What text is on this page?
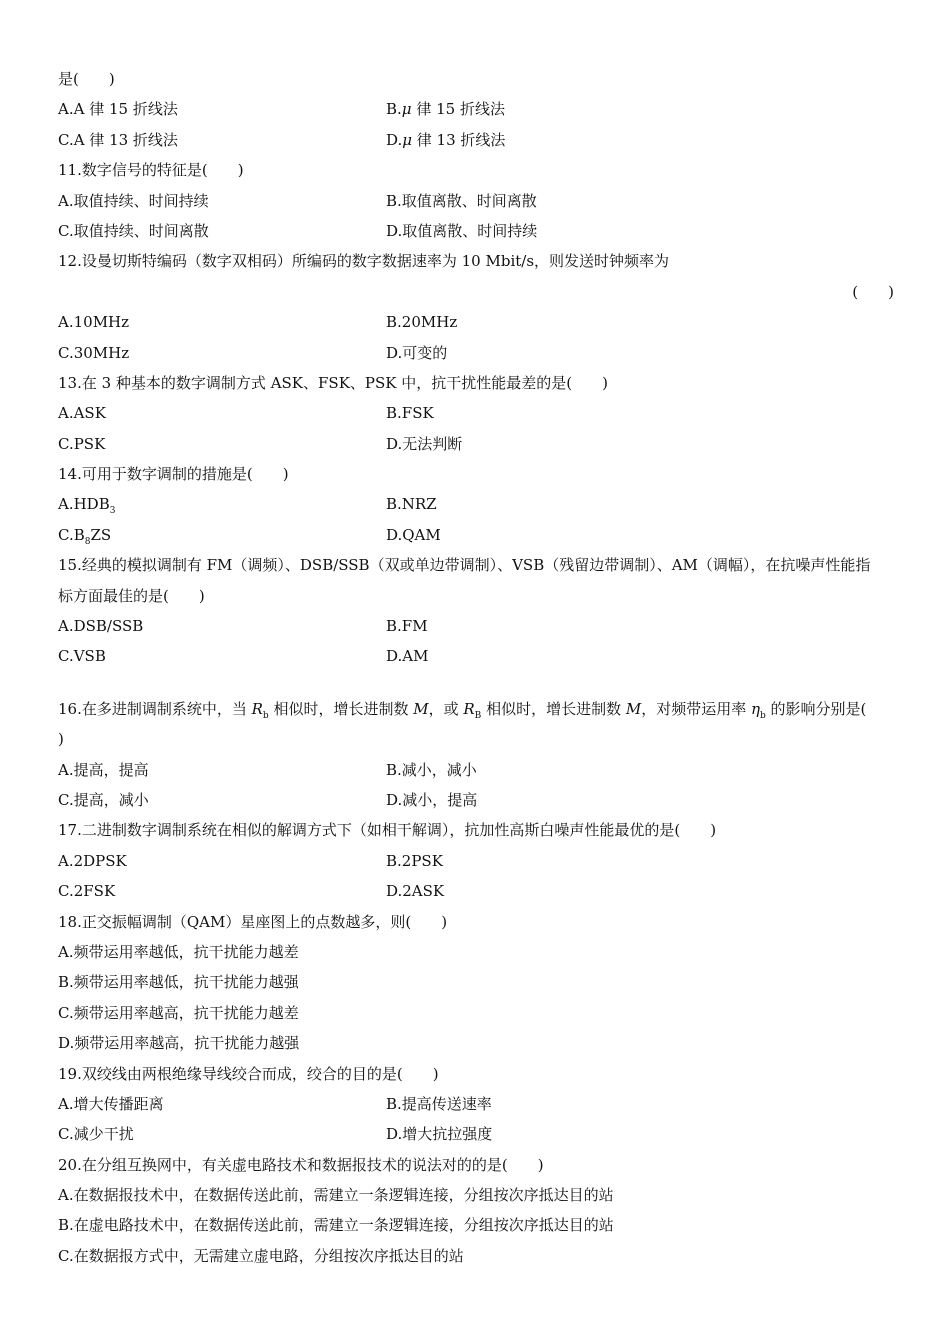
是(　　)
A.A 律 15 折线法	B.μ 律 15 折线法
C.A 律 13 折线法	D.μ 律 13 折线法
11.数字信号的特征是(　　)
A.取值持续、时间持续	B.取值离散、时间离散
C.取值持续、时间离散	D.取值离散、时间持续
12.设曼切斯特编码（数字双相码）所编码的数字数据速率为 10 Mbit/s，则发送时钟频率为
(　　)
A.10MHz	B.20MHz
C.30MHz	D.可变的
13.在 3 种基本的数字调制方式 ASK、FSK、PSK 中，抗干扰性能最差的是(　　)
A.ASK	B.FSK
C.PSK	D.无法判断
14.可用于数字调制的措施是(　　)
$A.HDB_3$	B.NRZ
$C.B_8ZS$	D.QAM
15.经典的模拟调制有 FM（调频）、DSB/SSB（双或单边带调制）、VSB（残留边带调制）、AM（调幅），在抗噪声性能指
标方面最佳的是(　　)
A.DSB/SSB	B.FM
C.VSB	D.AM
16.在多进制调制系统中，当 $R_b$ 相似时，增长进制数 M，或 $R_B$ 相似时，增长进制数 M，对频带运用率 $\eta_b$ 的影响分别是(
)
A.提高，提高	B.减小，减小
C.提高，减小	D.减小，提高
17.二进制数字调制系统在相似的解调方式下（如相干解调），抗加性高斯白噪声性能最优的是(　　)
A.2DPSK	B.2PSK
C.2FSK	D.2ASK
18.正交振幅调制（QAM）星座图上的点数越多，则(　　)
A.频带运用率越低，抗干扰能力越差
B.频带运用率越低，抗干扰能力越强
C.频带运用率越高，抗干扰能力越差
D.频带运用率越高，抗干扰能力越强
19.双绞线由两根绝缘导线绞合而成，绞合的目的是(　　)
A.增大传播距离	B.提高传送速率
C.减少干扰	D.增大抗拉强度
20.在分组互换网中，有关虚电路技术和数据报技术的说法对的的是(　　)
A.在数据报技术中，在数据传送此前，需建立一条逻辑连接，分组按次序抵达目的站
B.在虚电路技术中，在数据传送此前，需建立一条逻辑连接，分组按次序抵达目的站
C.在数据报方式中，无需建立虚电路，分组按次序抵达目的站
